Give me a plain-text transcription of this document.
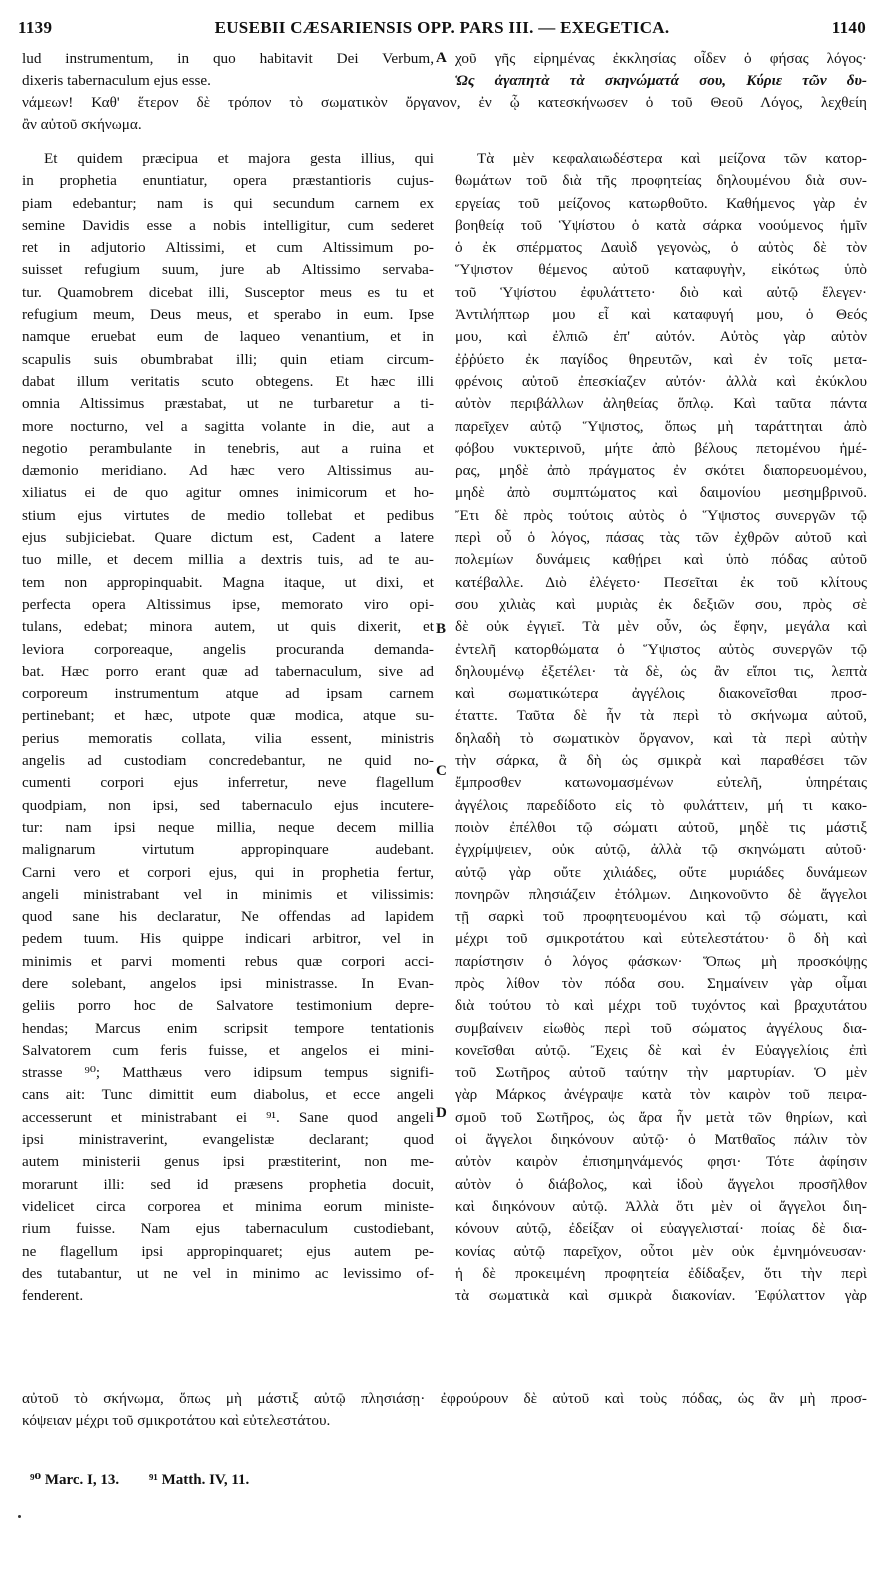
1139	EUSEBII CÆSARIENSIS OPP. PARS III. — EXEGETICA.	1140
lud instrumentum, in quo habitavit Dei Verbum,
dixeris tabernaculum ejus esse.
χοῦ γῆς εἰρημένας ἐκκλησίας οἶδεν ὁ φήσας λόγος·
Ὡς ἀγαπητὰ τὰ σκηνώματά σου, Κύριε τῶν δυ-
νάμεων! Καθ' ἕτερον δὲ τρόπον τὸ σωματικὸν ὄργανον, ἐν ᾧ κατεσκήνωσεν ὁ τοῦ Θεοῦ Λόγος, λεχθείη
ἂν αὐτοῦ σκήνωμα.
A
B
C
D
Et quidem præcipua et majora gesta illius, qui
in prophetia enuntiatur, opera præstantioris cujus-
piam edebantur; nam is qui secundum carnem ex
semine Davidis esse a nobis intelligitur, cum sederet
ret in adjutorio Altissimi, et cum Altissimum po-
suisset refugium suum, jure ab Altissimo servaba-
tur. Quamobrem dicebat illi, Susceptor meus es tu et
refugium meum, Deus meus, et sperabo in eum. Ipse
namque eruebat eum de laqueo venantium, et in
scapulis suis obumbrabat illi; quin etiam circum-
dabat illum veritatis scuto obtegens. Et hæc illi
omnia Altissimus præstabat, ut ne turbaretur a ti-
more nocturno, vel a sagitta volante in die, aut a
negotio perambulante in tenebris, aut a ruina et
dæmonio meridiano. Ad hæc vero Altissimus au-
xiliatus ei de quo agitur omnes inimicorum et ho-
stium ejus virtutes de medio tollebat et pedibus
ejus subjiciebat. Quare dictum est, Cadent a latere
tuo mille, et decem millia a dextris tuis, ad te au-
tem non appropinquabit. Magna itaque, ut dixi, et
perfecta opera Altissimus ipse, memorato viro opi-
tulans, edebat; minora autem, ut quis dixerit, et
leviora corporeaque, angelis procuranda demanda-
bat. Hæc porro erant quæ ad tabernaculum, sive ad
corporeum instrumentum atque ad ipsam carnem
pertinebant; et hæc, utpote quæ modica, atque su-
perius memoratis collata, vilia essent, ministris
angelis ad custodiam concredebantur, ne quid no-
cumenti corpori ejus inferretur, neve flagellum
quodpiam, non ipsi, sed tabernaculo ejus incutere-
tur: nam ipsi neque millia, neque decem millia
malignarum virtutum appropinquare audebant.
Carni vero et corpori ejus, qui in prophetia fertur,
angeli ministrabant vel in minimis et vilissimis:
quod sane his declaratur, Ne offendas ad lapidem
pedem tuum. His quippe indicari arbitror, vel in
minimis et parvi momenti rebus quæ corpori acci-
dere solebant, angelos ipsi ministrasse. In Evan-
geliis porro hoc de Salvatore testimonium depre-
hendas; Marcus enim scripsit tempore tentationis
Salvatorem cum feris fuisse, et angelos ei mini-
strasse ⁹⁰; Matthæus vero idipsum tempus signifi-
cans ait: Tunc dimittit eum diabolus, et ecce angeli
accesserunt et ministrabant ei ⁹¹. Sane quod angeli
ipsi ministraverint, evangelistæ declarant; quod
autem ministerii genus ipsi præstiterint, non me-
morarunt illi: sed id præsens prophetia docuit,
videlicet circa corporea et minima eorum ministe-
rium fuisse. Nam ejus tabernaculum custodiebant,
ne flagellum ipsi appropinquaret; ejus autem pe-
des tutabantur, ut ne vel in minimo ac levissimo of-
fenderent.
Τὰ μὲν κεφαλαιωδέστερα καὶ μείζονα τῶν κατορ-
θωμάτων τοῦ διὰ τῆς προφητείας δηλουμένου διὰ συν-
εργείας τοῦ μείζονος κατωρθοῦτο. Καθήμενος γὰρ ἐν
βοηθείᾳ τοῦ Ὑψίστου ὁ κατὰ σάρκα νοούμενος ἡμῖν
ὁ ἐκ σπέρματος Δαυὶδ γεγονὼς, ὁ αὐτὸς δὲ τὸν
Ὕψιστον θέμενος αὐτοῦ καταφυγὴν, εἰκότως ὑπὸ
τοῦ Ὑψίστου ἐφυλάττετο· διὸ καὶ αὐτῷ ἔλεγεν·
Ἀντιλήπτωρ μου εἶ καὶ καταφυγή μου, ὁ Θεός
μου, καὶ ἐλπιῶ ἐπ' αὐτόν. Αὐτὸς γὰρ αὐτὸν
ἐῤῥύετο ἐκ παγίδος θηρευτῶν, καὶ ἐν τοῖς μετα-
φρένοις αὐτοῦ ἐπεσκίαζεν αὐτόν· ἀλλὰ καὶ ἐκύκλου
αὐτὸν περιβάλλων ἀληθείας ὅπλῳ. Καὶ ταῦτα πάντα
παρεῖχεν αὐτῷ Ὕψιστος, ὅπως μὴ ταράττηται ἀπὸ
φόβου νυκτερινοῦ, μήτε ἀπὸ βέλους πετομένου ἡμέ-
ρας, μηδὲ ἀπὸ πράγματος ἐν σκότει διαπορευομένου,
μηδὲ ἀπὸ συμπτώματος καὶ δαιμονίου μεσημβρινοῦ.
Ἔτι δὲ πρὸς τούτοις αὐτὸς ὁ Ὕψιστος συνεργῶν τῷ
περὶ οὗ ὁ λόγος, πάσας τὰς τῶν ἐχθρῶν αὐτοῦ καὶ
πολεμίων δυνάμεις καθῄρει καὶ ὑπὸ πόδας αὐτοῦ
κατέβαλλε. Διὸ ἐλέγετο· Πεσεῖται ἐκ τοῦ κλίτους
σου χιλιὰς καὶ μυριὰς ἐκ δεξιῶν σου, πρὸς σὲ
δὲ οὐκ ἐγγιεῖ. Τὰ μὲν οὖν, ὡς ἔφην, μεγάλα καὶ
ἐντελῆ κατορθώματα ὁ Ὕψιστος αὐτὸς συνεργῶν τῷ
δηλουμένῳ ἐξετέλει· τὰ δὲ, ὡς ἂν εἴποι τις, λεπτὰ
καὶ σωματικώτερα ἀγγέλοις διακονεῖσθαι προσ-
έταττε. Ταῦτα δὲ ἦν τὰ περὶ τὸ σκήνωμα αὐτοῦ,
δηλαδὴ τὸ σωματικὸν ὄργανον, καὶ τὰ περὶ αὐτὴν
τὴν σάρκα, ἃ δὴ ὡς σμικρὰ καὶ παραθέσει τῶν
ἔμπροσθεν κατωνομασμένων εὐτελῆ, ὑπηρέταις
ἀγγέλοις παρεδίδοτο εἰς τὸ φυλάττειν, μή τι κακο-
ποιὸν ἐπέλθοι τῷ σώματι αὐτοῦ, μηδὲ τις μάστιξ
ἐγχρίμψειεν, οὐκ αὐτῷ, ἀλλὰ τῷ σκηνώματι αὐτοῦ·
αὐτῷ γὰρ οὔτε χιλιάδες, οὔτε μυριάδες δυνάμεων
πονηρῶν πλησιάζειν ἐτόλμων. Διηκονοῦντο δὲ ἄγγελοι
τῇ σαρκὶ τοῦ προφητευομένου καὶ τῷ σώματι, καὶ
μέχρι τοῦ σμικροτάτου καὶ εὐτελεστάτου· ὃ δὴ καὶ
παρίστησιν ὁ λόγος φάσκων· Ὅπως μὴ προσκόψῃς
πρὸς λίθον τὸν πόδα σου. Σημαίνειν γὰρ οἶμαι
διὰ τούτου τὸ καὶ μέχρι τοῦ τυχόντος καὶ βραχυτάτου
συμβαίνειν εἰωθὸς περὶ τοῦ σώματος ἀγγέλους δια-
κονεῖσθαι αὐτῷ. Ἔχεις δὲ καὶ ἐν Εὐαγγελίοις ἐπὶ
τοῦ Σωτῆρος αὐτοῦ ταύτην τὴν μαρτυρίαν. Ὁ μὲν
γὰρ Μάρκος ἀνέγραψε κατὰ τὸν καιρὸν τοῦ πειρα-
σμοῦ τοῦ Σωτῆρος, ὡς ἄρα ἦν μετὰ τῶν θηρίων, καὶ
οἱ ἄγγελοι διηκόνουν αὐτῷ· ὁ Ματθαῖος πάλιν τὸν
αὐτὸν καιρὸν ἐπισημηνάμενός φησι· Τότε ἀφίησιν
αὐτὸν ὁ διάβολος, καὶ ἰδοὺ ἄγγελοι προσῆλθον
καὶ διηκόνουν αὐτῷ. Ἀλλὰ ὅτι μὲν οἱ ἄγγελοι διη-
κόνουν αὐτῷ, ἐδείξαν οἱ εὐαγγελισταί· ποίας δὲ δια-
κονίας αὐτῷ παρεῖχον, οὗτοι μὲν οὐκ ἐμνημόνευσαν·
ἡ δὲ προκειμένη προφητεία ἐδίδαξεν, ὅτι τὴν περὶ
τὰ σωματικὰ καὶ σμικρὰ διακονίαν. Ἐφύλαττον γὰρ
αὐτοῦ τὸ σκήνωμα, ὅπως μὴ μάστιξ αὐτῷ πλησιάσῃ· ἐφρούρουν δὲ αὐτοῦ καὶ τοὺς πόδας, ὡς ἂν μὴ προσ-
κόψειαν μέχρι τοῦ σμικροτάτου καὶ εὐτελεστάτου.
⁹⁰ Marc. I, 13. ⁹¹ Matth. IV, 11.
